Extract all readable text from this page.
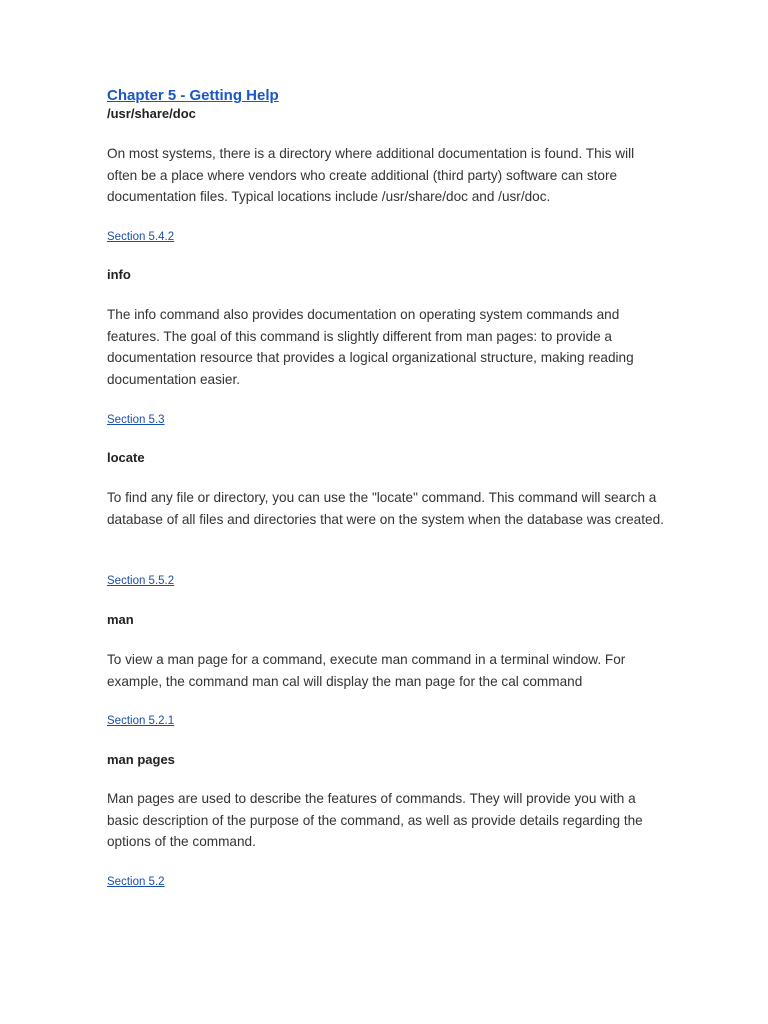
Chapter 5 - Getting Help
/usr/share/doc

On most systems, there is a directory where additional documentation is found. This will often be a place where vendors who create additional (third party) software can store documentation files. Typical locations include /usr/share/doc and /usr/doc.

Section 5.4.2
info

The info command also provides documentation on operating system commands and features. The goal of this command is slightly different from man pages: to provide a documentation resource that provides a logical organizational structure, making reading documentation easier.

Section 5.3
locate

To find any file or directory, you can use the "locate" command. This command will search a database of all files and directories that were on the system when the database was created.

Section 5.5.2
man

To view a man page for a command, execute man command in a terminal window. For example, the command man cal will display the man page for the cal command

Section 5.2.1
man pages

Man pages are used to describe the features of commands. They will provide you with a basic description of the purpose of the command, as well as provide details regarding the options of the command.

Section 5.2
